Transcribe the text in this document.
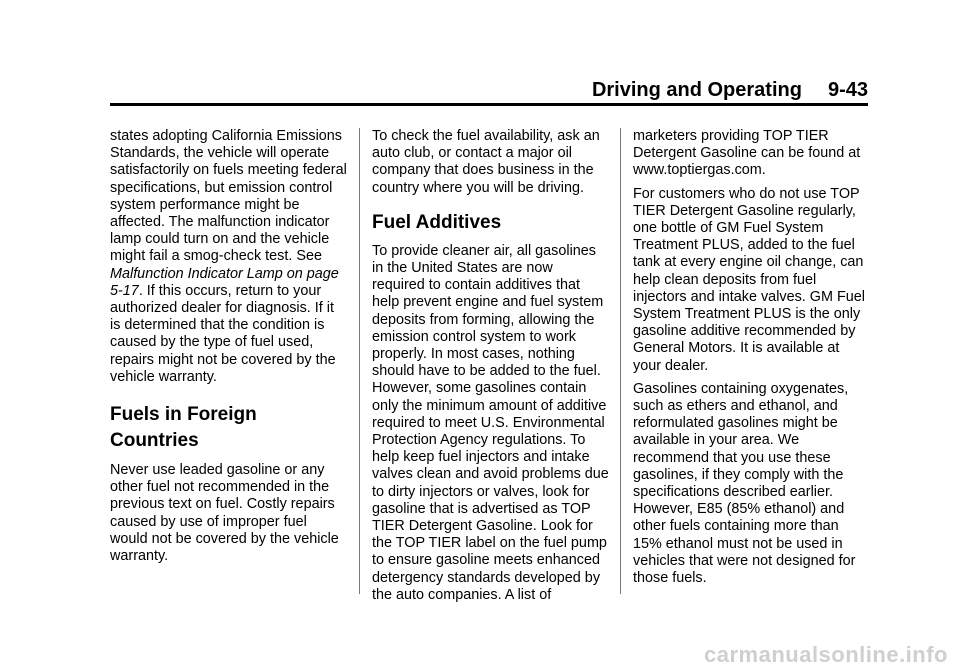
Driving and Operating 9-43

states adopting California Emissions Standards, the vehicle will operate satisfactorily on fuels meeting federal specifications, but emission control system performance might be affected. The malfunction indicator lamp could turn on and the vehicle might fail a smog-check test. See Malfunction Indicator Lamp on page 5-17. If this occurs, return to your authorized dealer for diagnosis. If it is determined that the condition is caused by the type of fuel used, repairs might not be covered by the vehicle warranty.

Fuels in Foreign Countries

Never use leaded gasoline or any other fuel not recommended in the previous text on fuel. Costly repairs caused by use of improper fuel would not be covered by the vehicle warranty.

To check the fuel availability, ask an auto club, or contact a major oil company that does business in the country where you will be driving.

Fuel Additives

To provide cleaner air, all gasolines in the United States are now required to contain additives that help prevent engine and fuel system deposits from forming, allowing the emission control system to work properly. In most cases, nothing should have to be added to the fuel. However, some gasolines contain only the minimum amount of additive required to meet U.S. Environmental Protection Agency regulations. To help keep fuel injectors and intake valves clean and avoid problems due to dirty injectors or valves, look for gasoline that is advertised as TOP TIER Detergent Gasoline. Look for the TOP TIER label on the fuel pump to ensure gasoline meets enhanced detergency standards developed by the auto companies. A list of

marketers providing TOP TIER Detergent Gasoline can be found at www.toptiergas.com.

For customers who do not use TOP TIER Detergent Gasoline regularly, one bottle of GM Fuel System Treatment PLUS, added to the fuel tank at every engine oil change, can help clean deposits from fuel injectors and intake valves. GM Fuel System Treatment PLUS is the only gasoline additive recommended by General Motors. It is available at your dealer.

Gasolines containing oxygenates, such as ethers and ethanol, and reformulated gasolines might be available in your area. We recommend that you use these gasolines, if they comply with the specifications described earlier. However, E85 (85% ethanol) and other fuels containing more than 15% ethanol must not be used in vehicles that were not designed for those fuels.

carmanualsonline.info
